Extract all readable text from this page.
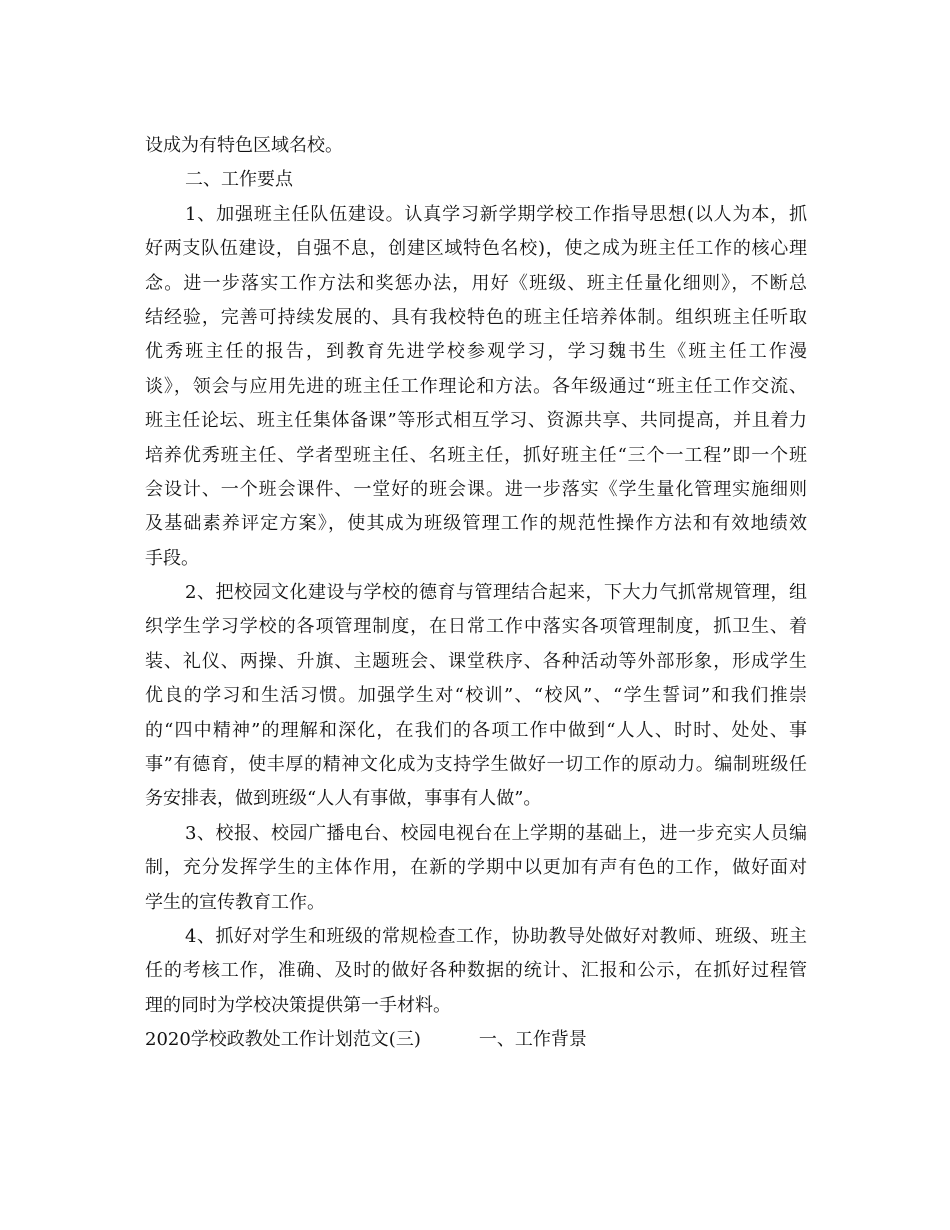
设成为有特色区域名校。
二、工作要点
1、加强班主任队伍建设。认真学习新学期学校工作指导思想(以人为本，抓
好两支队伍建设，自强不息，创建区域特色名校)，使之成为班主任工作的核心理
念。进一步落实工作方法和奖惩办法，用好《班级、班主任量化细则》，不断总
结经验，完善可持续发展的、具有我校特色的班主任培养体制。组织班主任听取
优秀班主任的报告，到教育先进学校参观学习，学习魏书生《班主任工作漫
谈》，领会与应用先进的班主任工作理论和方法。各年级通过“班主任工作交流、
班主任论坛、班主任集体备课”等形式相互学习、资源共享、共同提高，并且着力
培养优秀班主任、学者型班主任、名班主任，抓好班主任“三个一工程”即一个班
会设计、一个班会课件、一堂好的班会课。进一步落实《学生量化管理实施细则
及基础素养评定方案》，使其成为班级管理工作的规范性操作方法和有效地绩效
手段。
2、把校园文化建设与学校的德育与管理结合起来，下大力气抓常规管理，组
织学生学习学校的各项管理制度，在日常工作中落实各项管理制度，抓卫生、着
装、礼仪、两操、升旗、主题班会、课堂秩序、各种活动等外部形象，形成学生
优良的学习和生活习惯。加强学生对“校训”、“校风”、“学生誓词”和我们推崇
的“四中精神”的理解和深化，在我们的各项工作中做到“人人、时时、处处、事
事”有德育，使丰厚的精神文化成为支持学生做好一切工作的原动力。编制班级任
务安排表，做到班级“人人有事做，事事有人做”。
3、校报、校园广播电台、校园电视台在上学期的基础上，进一步充实人员编
制，充分发挥学生的主体作用，在新的学期中以更加有声有色的工作，做好面对
学生的宣传教育工作。
4、抓好对学生和班级的常规检查工作，协助教导处做好对教师、班级、班主
任的考核工作，准确、及时的做好各种数据的统计、汇报和公示，在抓好过程管
理的同时为学校决策提供第一手材料。
2020学校政教处工作计划范文(三)	一、工作背景
